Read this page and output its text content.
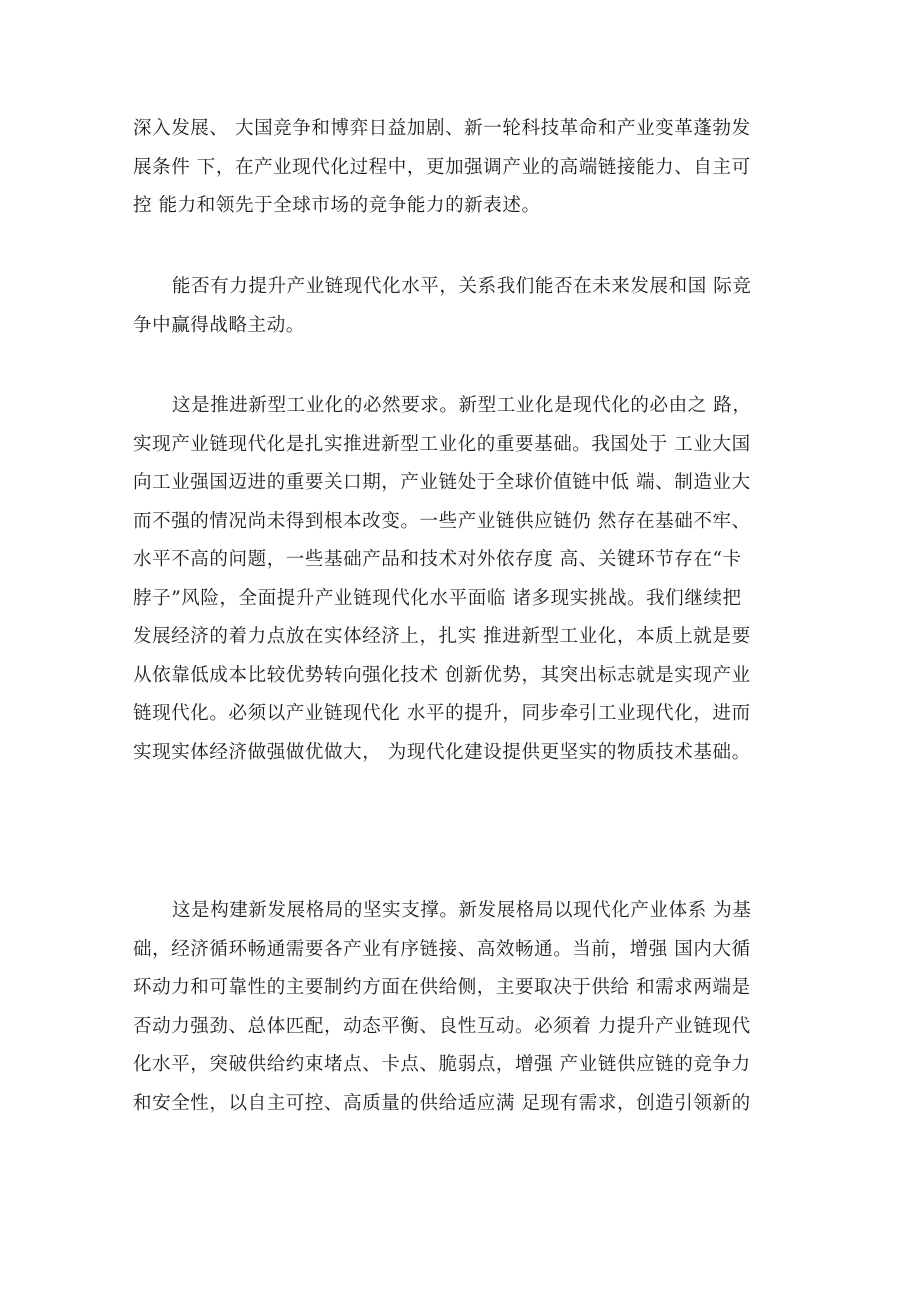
深入发展、 大国竞争和博弈日益加剧、新一轮科技革命和产业变革蓬勃发
展条件 下，在产业现代化过程中，更加强调产业的高端链接能力、自主可
控 能力和领先于全球市场的竞争能力的新表述。
能否有力提升产业链现代化水平，关系我们能否在未来发展和国 际竞
争中赢得战略主动。
这是推进新型工业化的必然要求。新型工业化是现代化的必由之 路，
实现产业链现代化是扎实推进新型工业化的重要基础。我国处于 工业大国
向工业强国迈进的重要关口期，产业链处于全球价值链中低 端、制造业大
而不强的情况尚未得到根本改变。一些产业链供应链仍 然存在基础不牢、
水平不高的问题，一些基础产品和技术对外依存度 高、关键环节存在“卡
脖子”风险，全面提升产业链现代化水平面临 诸多现实挑战。我们继续把
发展经济的着力点放在实体经济上，扎实 推进新型工业化，本质上就是要
从依靠低成本比较优势转向强化技术 创新优势，其突出标志就是实现产业
链现代化。必须以产业链现代化 水平的提升，同步牵引工业现代化，进而
实现实体经济做强做优做大， 为现代化建设提供更坚实的物质技术基础。
这是构建新发展格局的坚实支撑。新发展格局以现代化产业体系 为基
础，经济循环畅通需要各产业有序链接、高效畅通。当前，增强 国内大循
环动力和可靠性的主要制约方面在供给侧，主要取决于供给 和需求两端是
否动力强劲、总体匹配，动态平衡、良性互动。必须着 力提升产业链现代
化水平，突破供给约束堵点、卡点、脆弱点，增强 产业链供应链的竞争力
和安全性，以自主可控、高质量的供给适应满 足现有需求，创造引领新的
